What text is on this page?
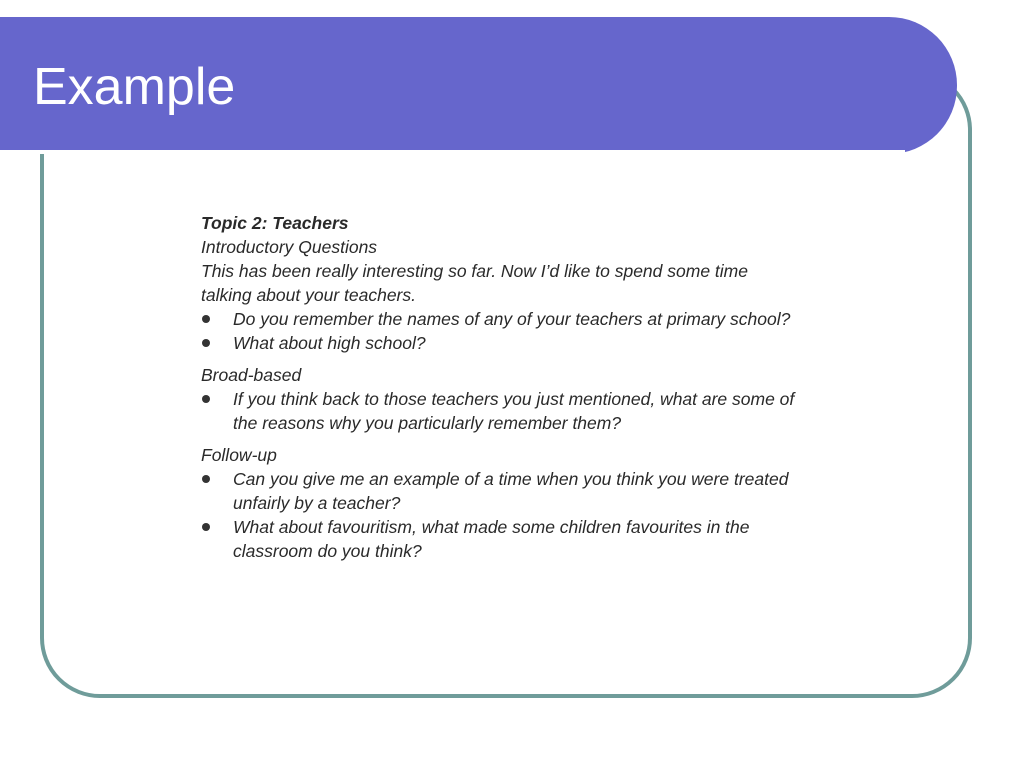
Example

Topic 2: Teachers

Introductory Questions

This has been really interesting so far. Now I’d like to spend some time talking about your teachers.

Do you remember the names of any of your teachers at primary school?
What about high school?

Broad-based

If you think back to those teachers you just mentioned, what are some of the reasons why you particularly remember them?

Follow-up

Can you give me an example of a time when you think you were treated unfairly by a teacher?
What about favouritism, what made some children favourites in the classroom do you think?
